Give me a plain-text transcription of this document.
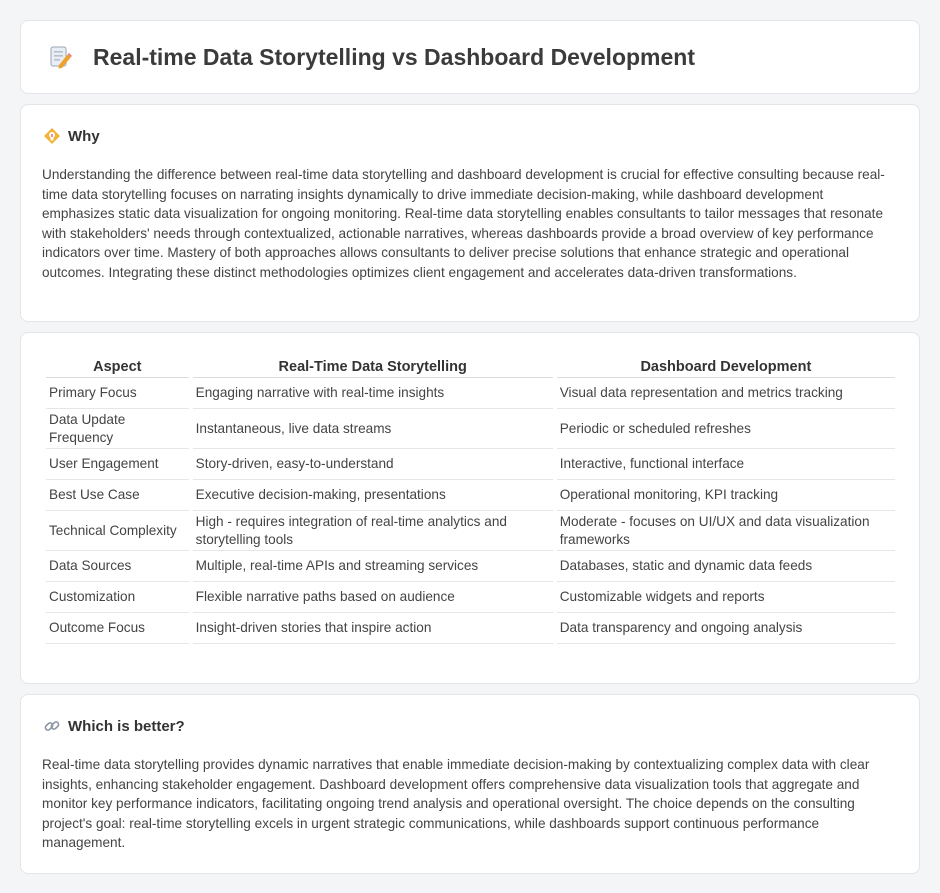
Real-time Data Storytelling vs Dashboard Development
Why

Understanding the difference between real-time data storytelling and dashboard development is crucial for effective consulting because real-time data storytelling focuses on narrating insights dynamically to drive immediate decision-making, while dashboard development emphasizes static data visualization for ongoing monitoring. Real-time data storytelling enables consultants to tailor messages that resonate with stakeholders' needs through contextualized, actionable narratives, whereas dashboards provide a broad overview of key performance indicators over time. Mastery of both approaches allows consultants to deliver precise solutions that enhance strategic and operational outcomes. Integrating these distinct methodologies optimizes client engagement and accelerates data-driven transformations.

Aspect	Real-Time Data Storytelling	Dashboard Development
Primary Focus	Engaging narrative with real-time insights	Visual data representation and metrics tracking
Data Update Frequency	Instantaneous, live data streams	Periodic or scheduled refreshes
User Engagement	Story-driven, easy-to-understand	Interactive, functional interface
Best Use Case	Executive decision-making, presentations	Operational monitoring, KPI tracking
Technical Complexity	High - requires integration of real-time analytics and storytelling tools	Moderate - focuses on UI/UX and data visualization frameworks
Data Sources	Multiple, real-time APIs and streaming services	Databases, static and dynamic data feeds
Customization	Flexible narrative paths based on audience	Customizable widgets and reports
Outcome Focus	Insight-driven stories that inspire action	Data transparency and ongoing analysis
Which is better?

Real-time data storytelling provides dynamic narratives that enable immediate decision-making by contextualizing complex data with clear insights, enhancing stakeholder engagement. Dashboard development offers comprehensive data visualization tools that aggregate and monitor key performance indicators, facilitating ongoing trend analysis and operational oversight. The choice depends on the consulting project's goal: real-time storytelling excels in urgent strategic communications, while dashboards support continuous performance management.
